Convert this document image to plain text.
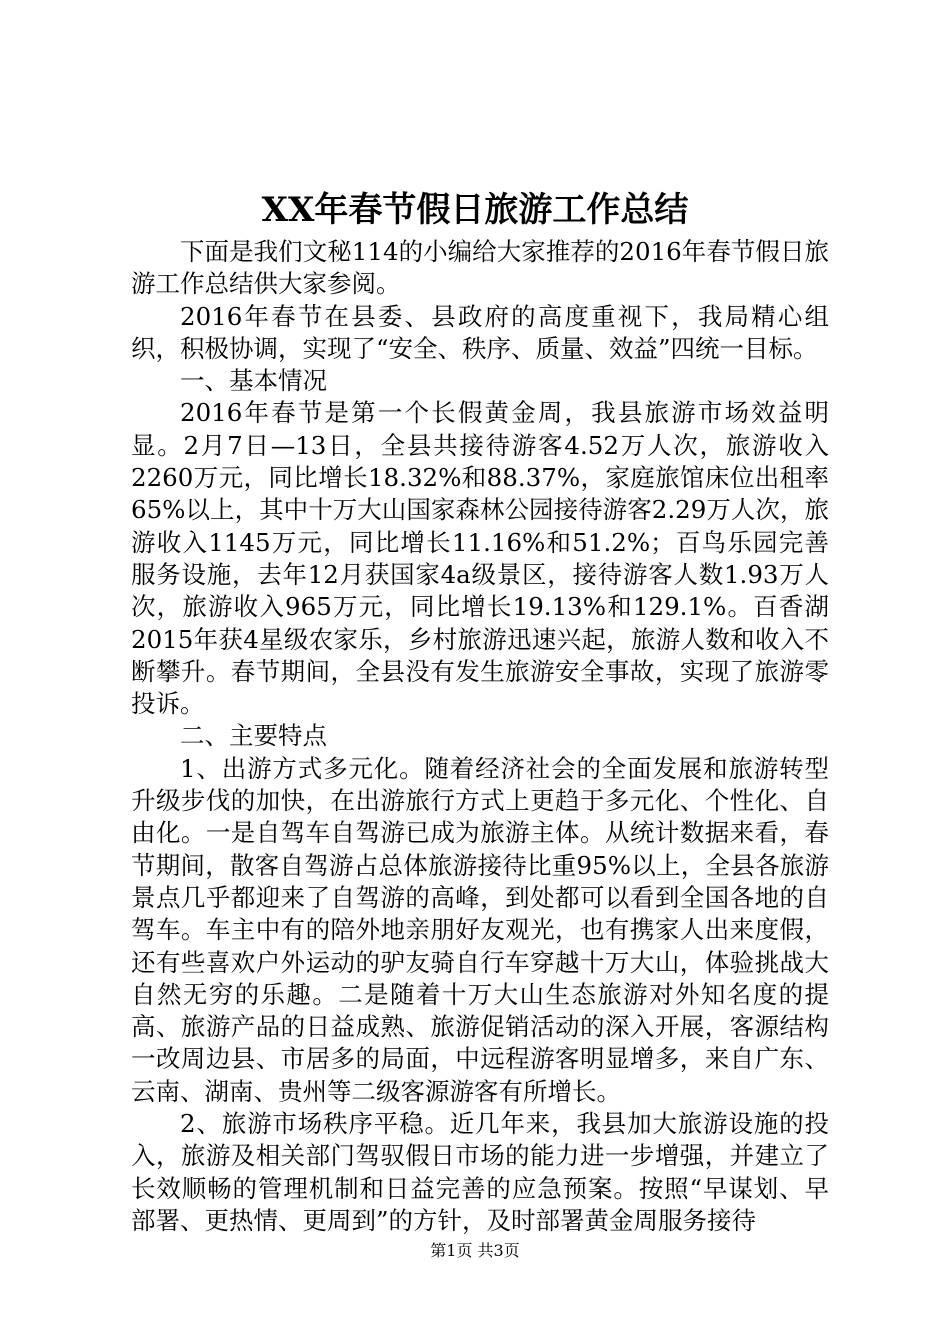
XX年春节假日旅游工作总结

下面是我们文秘114的小编给大家推荐的2016年春节假日旅游工作总结供大家参阅。

2016年春节在县委、县政府的高度重视下，我局精心组织，积极协调，实现了“安全、秩序、质量、效益”四统一目标。

一、基本情况

2016年春节是第一个长假黄金周，我县旅游市场效益明显。2月7日—13日，全县共接待游客4.52万人次，旅游收入2260万元，同比增长18.32%和88.37%，家庭旅馆床位出租率65%以上，其中十万大山国家森林公园接待游客2.29万人次，旅游收入1145万元，同比增长11.16%和51.2%；百鸟乐园完善服务设施，去年12月获国家4a级景区，接待游客人数1.93万人次，旅游收入965万元，同比增长19.13%和129.1%。百香湖2015年获4星级农家乐，乡村旅游迅速兴起，旅游人数和收入不断攀升。春节期间，全县没有发生旅游安全事故，实现了旅游零投诉。

二、主要特点

1、出游方式多元化。随着经济社会的全面发展和旅游转型升级步伐的加快，在出游旅行方式上更趋于多元化、个性化、自由化。一是自驾车自驾游已成为旅游主体。从统计数据来看，春节期间，散客自驾游占总体旅游接待比重95%以上，全县各旅游景点几乎都迎来了自驾游的高峰，到处都可以看到全国各地的自驾车。车主中有的陪外地亲朋好友观光，也有携家人出来度假，还有些喜欢户外运动的驴友骑自行车穿越十万大山，体验挑战大自然无穷的乐趣。二是随着十万大山生态旅游对外知名度的提高、旅游产品的日益成熟、旅游促销活动的深入开展，客源结构一改周边县、市居多的局面，中远程游客明显增多，来自广东、云南、湖南、贵州等二级客源游客有所增长。

2、旅游市场秩序平稳。近几年来，我县加大旅游设施的投入，旅游及相关部门驾驭假日市场的能力进一步增强，并建立了长效顺畅的管理机制和日益完善的应急预案。按照“早谋划、早部署、更热情、更周到”的方针，及时部署黄金周服务接待

第1页 共3页
